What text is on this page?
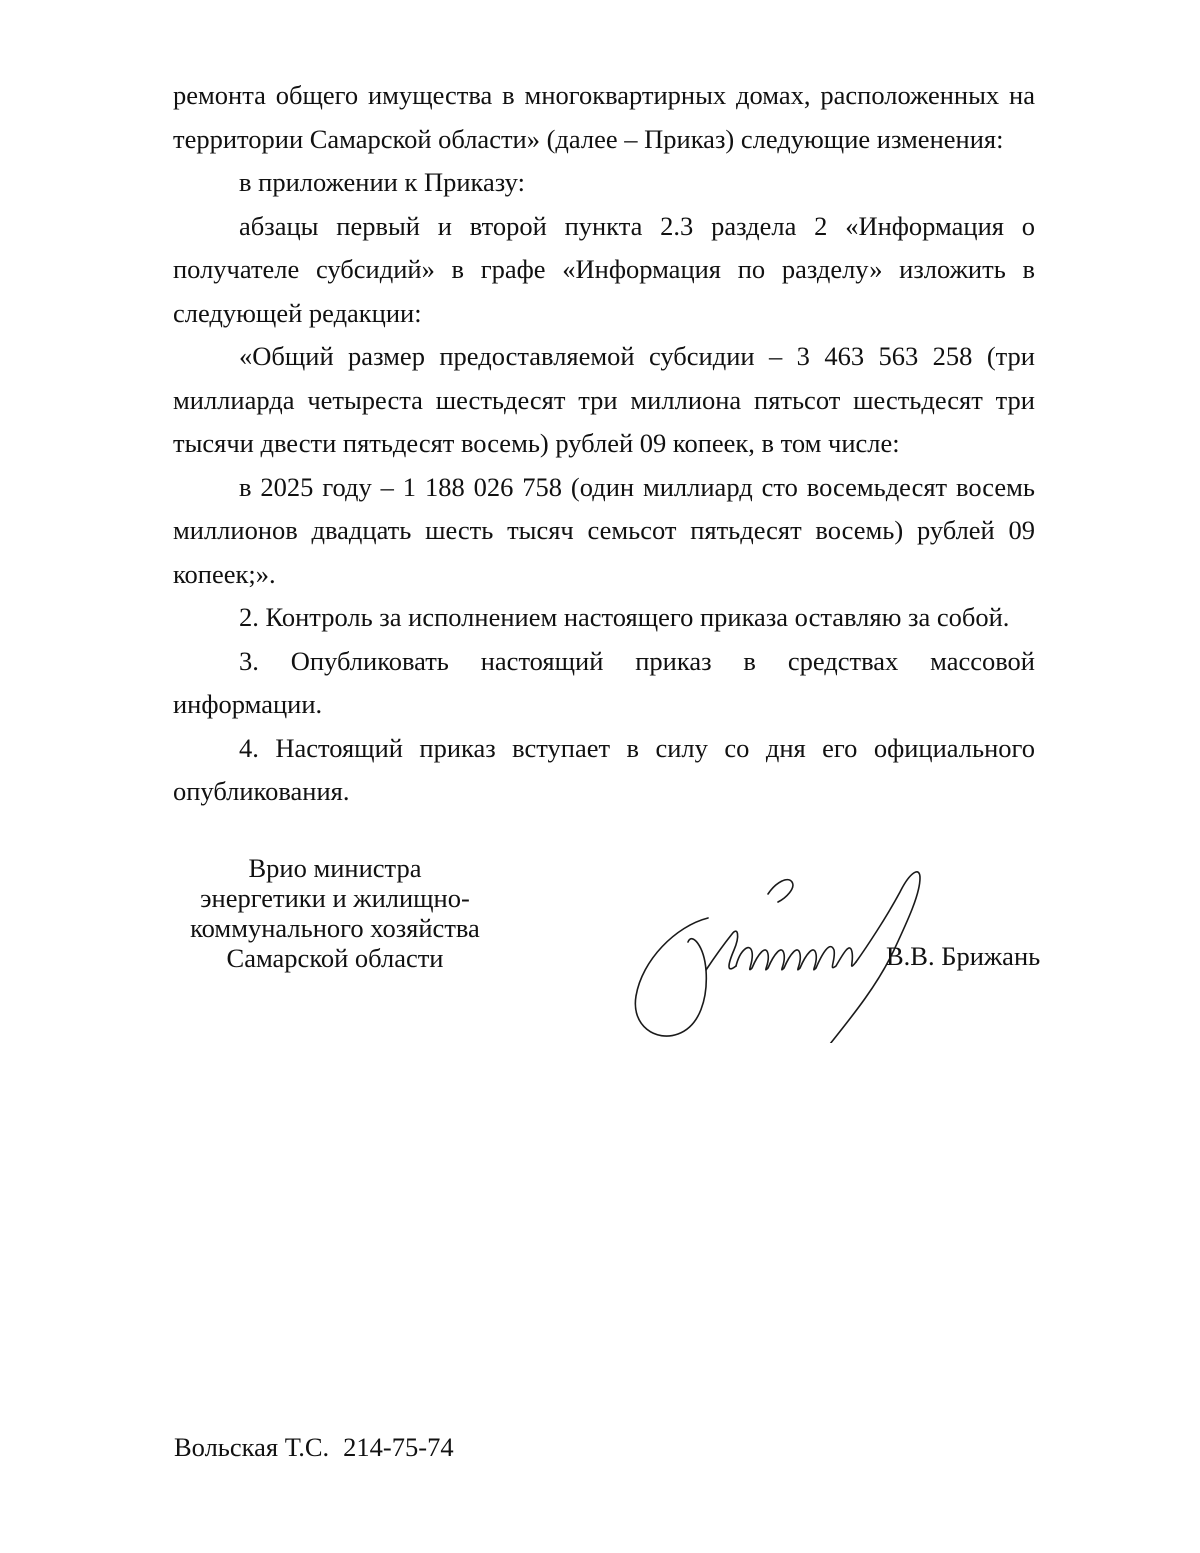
ремонта общего имущества в многоквартирных домах, расположенных на территории Самарской области» (далее – Приказ) следующие изменения:

в приложении к Приказу:

абзацы первый и второй пункта 2.3 раздела 2 «Информация о получателе субсидий» в графе «Информация по разделу» изложить в следующей редакции:

«Общий размер предоставляемой субсидии – 3 463 563 258 (три миллиарда четыреста шестьдесят три миллиона пятьсот шестьдесят три тысячи двести пятьдесят восемь) рублей 09 копеек, в том числе:

в 2025 году – 1 188 026 758 (один миллиард сто восемьдесят восемь миллионов двадцать шесть тысяч семьсот пятьдесят восемь) рублей 09 копеек;».

2. Контроль за исполнением настоящего приказа оставляю за собой.

3. Опубликовать настоящий приказ в средствах массовой информации.

4. Настоящий приказ вступает в силу со дня его официального опубликования.

Врио министра
энергетики и жилищно-
коммунального хозяйства
Самарской области	В.В. Брижань
Вольская Т.С. 214-75-74
